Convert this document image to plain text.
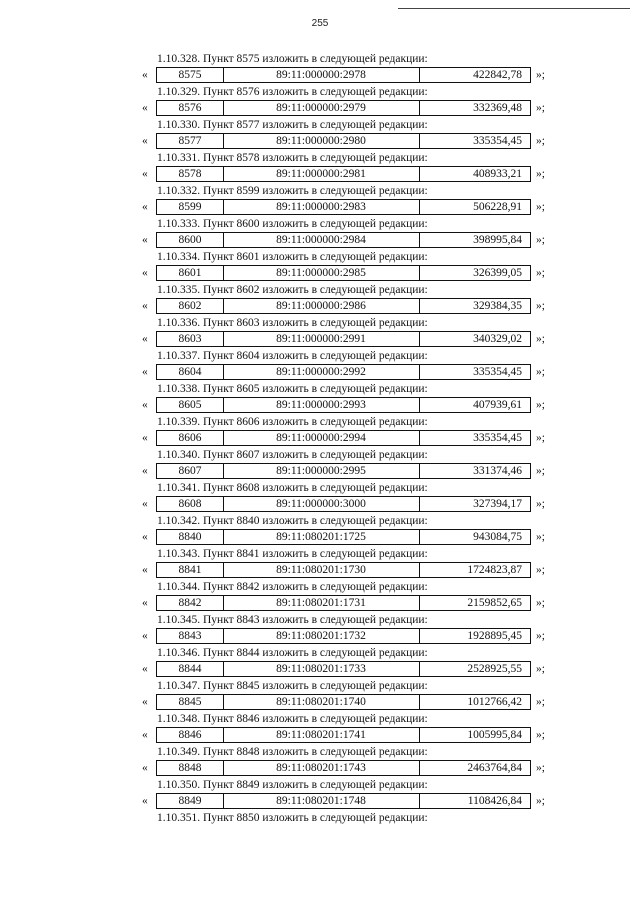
255
1.10.328. Пункт 8575 изложить в следующей редакции:
«	8575	89:11:000000:2978	422842,78	»;
1.10.329. Пункт 8576 изложить в следующей редакции:
«	8576	89:11:000000:2979	332369,48	»;
1.10.330. Пункт 8577 изложить в следующей редакции:
«	8577	89:11:000000:2980	335354,45	»;
1.10.331. Пункт 8578 изложить в следующей редакции:
«	8578	89:11:000000:2981	408933,21	»;
1.10.332. Пункт 8599 изложить в следующей редакции:
«	8599	89:11:000000:2983	506228,91	»;
1.10.333. Пункт 8600 изложить в следующей редакции:
«	8600	89:11:000000:2984	398995,84	»;
1.10.334. Пункт 8601 изложить в следующей редакции:
«	8601	89:11:000000:2985	326399,05	»;
1.10.335. Пункт 8602 изложить в следующей редакции:
«	8602	89:11:000000:2986	329384,35	»;
1.10.336. Пункт 8603 изложить в следующей редакции:
«	8603	89:11:000000:2991	340329,02	»;
1.10.337. Пункт 8604 изложить в следующей редакции:
«	8604	89:11:000000:2992	335354,45	»;
1.10.338. Пункт 8605 изложить в следующей редакции:
«	8605	89:11:000000:2993	407939,61	»;
1.10.339. Пункт 8606 изложить в следующей редакции:
«	8606	89:11:000000:2994	335354,45	»;
1.10.340. Пункт 8607 изложить в следующей редакции:
«	8607	89:11:000000:2995	331374,46	»;
1.10.341. Пункт 8608 изложить в следующей редакции:
«	8608	89:11:000000:3000	327394,17	»;
1.10.342. Пункт 8840 изложить в следующей редакции:
«	8840	89:11:080201:1725	943084,75	»;
1.10.343. Пункт 8841 изложить в следующей редакции:
«	8841	89:11:080201:1730	1724823,87	»;
1.10.344. Пункт 8842 изложить в следующей редакции:
«	8842	89:11:080201:1731	2159852,65	»;
1.10.345. Пункт 8843 изложить в следующей редакции:
«	8843	89:11:080201:1732	1928895,45	»;
1.10.346. Пункт 8844 изложить в следующей редакции:
«	8844	89:11:080201:1733	2528925,55	»;
1.10.347. Пункт 8845 изложить в следующей редакции:
«	8845	89:11:080201:1740	1012766,42	»;
1.10.348. Пункт 8846 изложить в следующей редакции:
«	8846	89:11:080201:1741	1005995,84	»;
1.10.349. Пункт 8848 изложить в следующей редакции:
«	8848	89:11:080201:1743	2463764,84	»;
1.10.350. Пункт 8849 изложить в следующей редакции:
«	8849	89:11:080201:1748	1108426,84	»;
1.10.351. Пункт 8850 изложить в следующей редакции:
